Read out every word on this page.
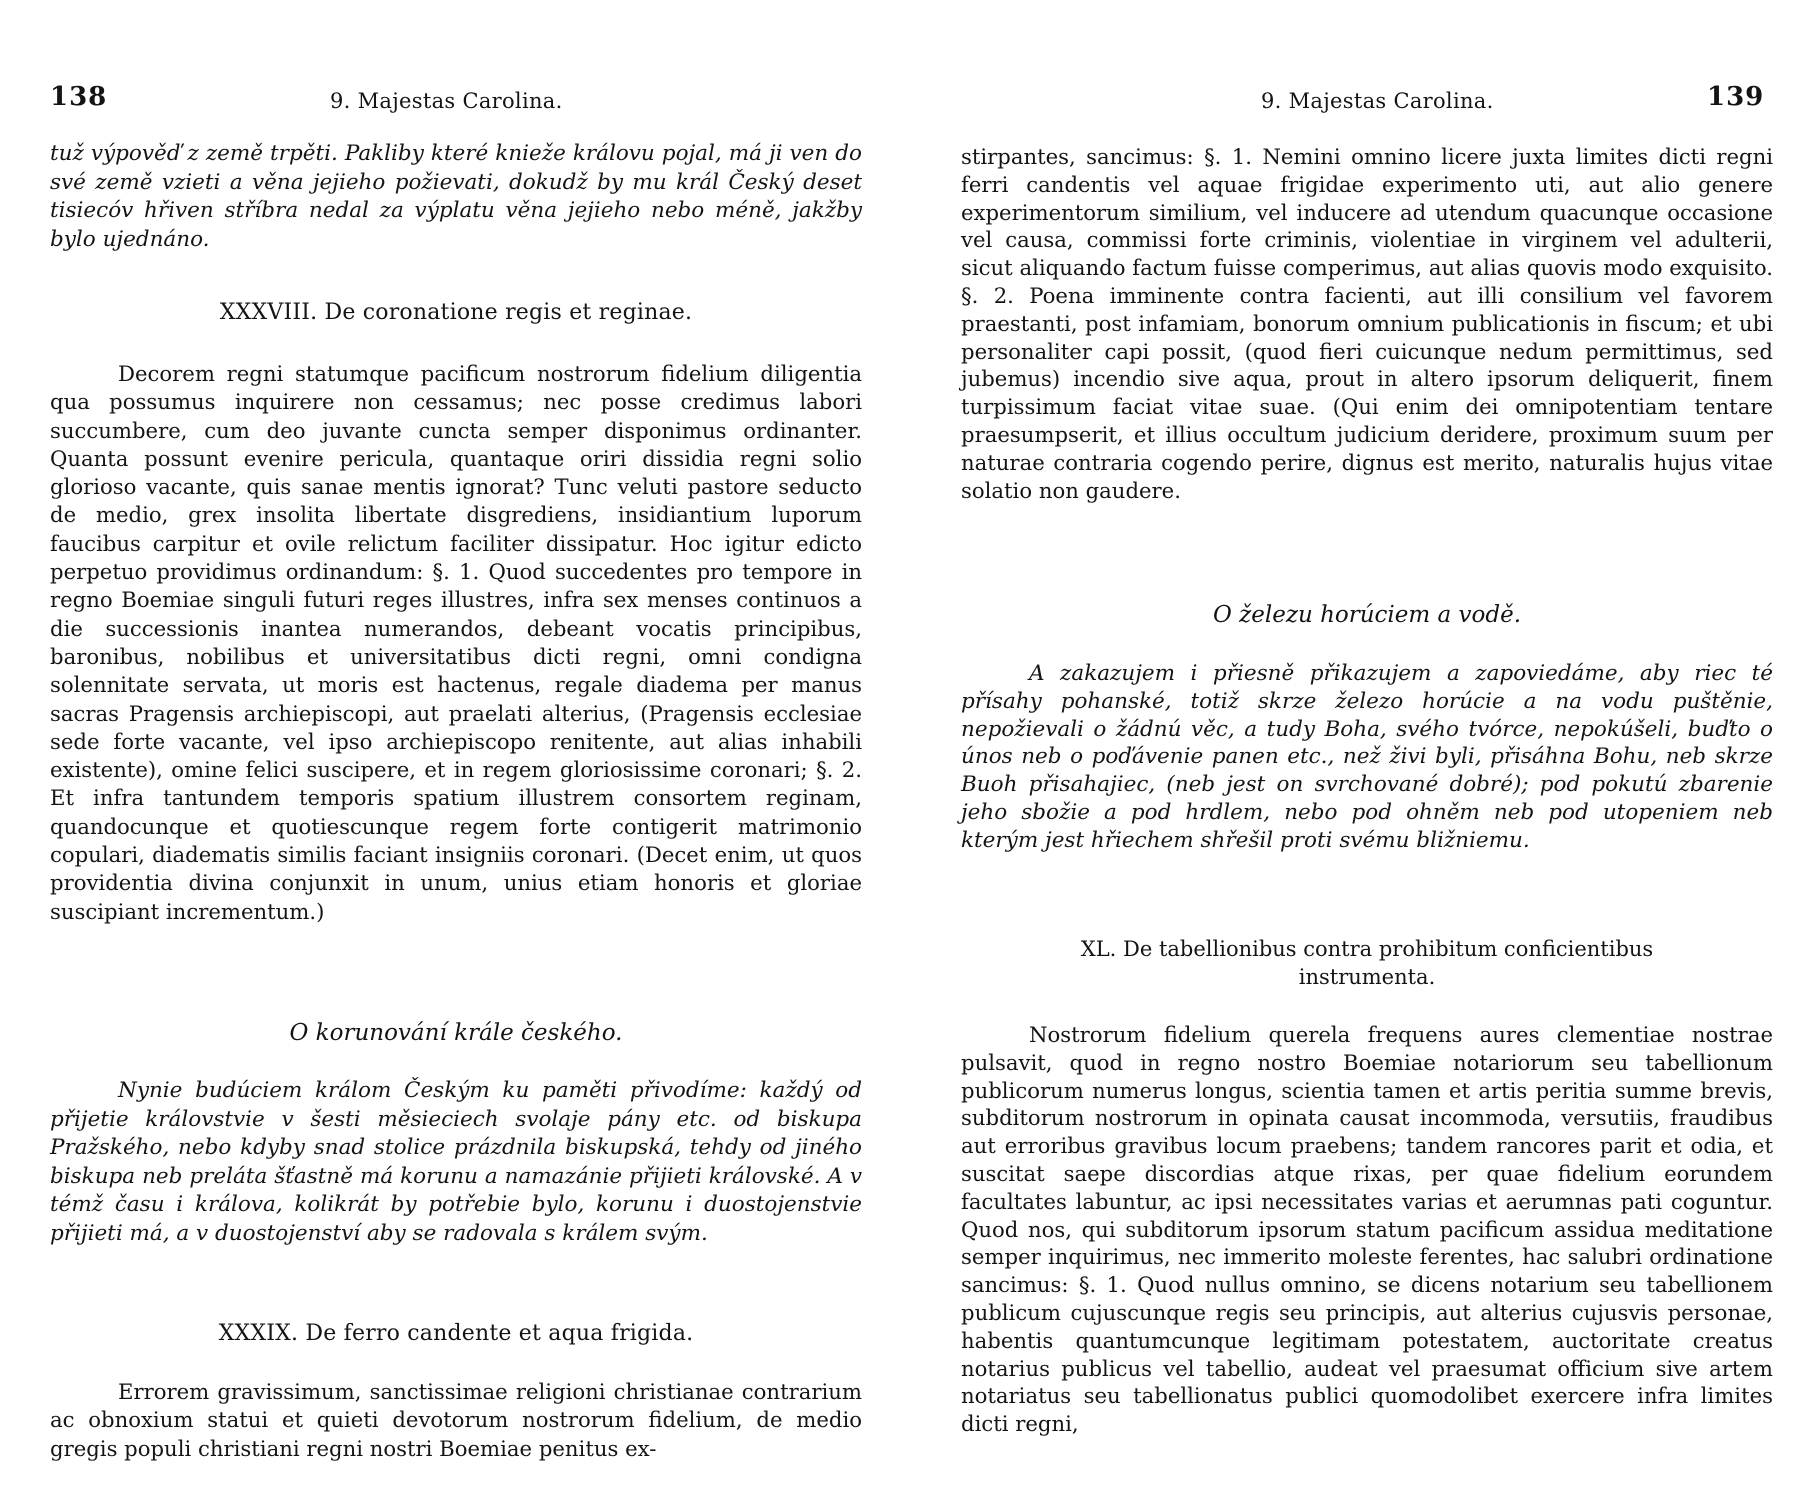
138	9. Majestas Carolina.

tuž výpověď z země trpěti. Pakliby které knieže královu pojal, má ji ven do své země vzieti a věna jejieho požievati, dokudž by mu král Český deset tisiecóv hřiven stříbra nedal za výplatu věna jejieho nebo méně, jakžby bylo ujednáno.

XXXVIII. De coronatione regis et reginae.

Decorem regni statumque pacificum nostrorum fidelium diligentia qua possumus inquirere non cessamus; nec posse credimus labori succumbere, cum deo juvante cuncta semper disponimus ordinanter. Quanta possunt evenire pericula, quantaque oriri dissidia regni solio glorioso vacante, quis sanae mentis ignorat? Tunc veluti pastore seducto de medio, grex insolita libertate disgrediens, insidiantium luporum faucibus carpitur et ovile relictum faciliter dissipatur. Hoc igitur edicto perpetuo providimus ordinandum: §. 1. Quod succedentes pro tempore in regno Boemiae singuli futuri reges illustres, infra sex menses continuos a die successionis inantea numerandos, debeant vocatis principibus, baronibus, nobilibus et universitatibus dicti regni, omni condigna solennitate servata, ut moris est hactenus, regale diadema per manus sacras Pragensis archiepiscopi, aut praelati alterius, (Pragensis ecclesiae sede forte vacante, vel ipso archiepiscopo renitente, aut alias inhabili existente), omine felici suscipere, et in regem gloriosissime coronari; §. 2. Et infra tantundem temporis spatium illustrem consortem reginam, quandocunque et quotiescunque regem forte contigerit matrimonio copulari, diadematis similis faciant insigniis coronari. (Decet enim, ut quos providentia divina conjunxit in unum, unius etiam honoris et gloriae suscipiant incrementum.)

O korunování krále českého.

Nynie budúciem králom Českým ku paměti přivodíme: každý od přijetie královstvie v šesti měsieciech svolaje pány etc. od biskupa Pražského, nebo kdyby snad stolice prázdnila biskupská, tehdy od jiného biskupa neb preláta šťastně má korunu a namazánie přijieti královské. A v témž času i králova, kolikrát by potřebie bylo, korunu i duostojenstvie přijieti má, a v duostojenství aby se radovala s králem svým.

XXXIX. De ferro candente et aqua frigida.

Errorem gravissimum, sanctissimae religioni christianae contrarium ac obnoxium statui et quieti devotorum nostrorum fidelium, de medio gregis populi christiani regni nostri Boemiae penitus ex-

9. Majestas Carolina.	139

stirpantes, sancimus: §. 1. Nemini omnino licere juxta limites dicti regni ferri candentis vel aquae frigidae experimento uti, aut alio genere experimentorum similium, vel inducere ad utendum quacunque occasione vel causa, commissi forte criminis, violentiae in virginem vel adulterii, sicut aliquando factum fuisse comperimus, aut alias quovis modo exquisito. §. 2. Poena imminente contra facienti, aut illi consilium vel favorem praestanti, post infamiam, bonorum omnium publicationis in fiscum; et ubi personaliter capi possit, (quod fieri cuicunque nedum permittimus, sed jubemus) incendio sive aqua, prout in altero ipsorum deliquerit, finem turpissimum faciat vitae suae. (Qui enim dei omnipotentiam tentare praesumpserit, et illius occultum judicium deridere, proximum suum per naturae contraria cogendo perire, dignus est merito, naturalis hujus vitae solatio non gaudere.

O železu horúciem a vodě.

A zakazujem i přiesně přikazujem a zapoviedáme, aby riec té přísahy pohanské, totiž skrze železo horúcie a na vodu puštěnie, nepožievali o žádnú věc, a tudy Boha, svého tvórce, nepokúšeli, buďto o únos neb o poďávenie panen etc., než živi byli, přisáhna Bohu, neb skrze Buoh přisahajiec, (neb jest on svrchované dobré); pod pokutú zbarenie jeho sbožie a pod hrdlem, nebo pod ohněm neb pod utopeniem neb kterým jest hřiechem shřešil proti svému bližniemu.

XL. De tabellionibus contra prohibitum conficientibus instrumenta.

Nostrorum fidelium querela frequens aures clementiae nostrae pulsavit, quod in regno nostro Boemiae notariorum seu tabellionum publicorum numerus longus, scientia tamen et artis peritia summe brevis, subditorum nostrorum in opinata causat incommoda, versutiis, fraudibus aut erroribus gravibus locum praebens; tandem rancores parit et odia, et suscitat saepe discordias atque rixas, per quae fidelium eorundem facultates labuntur, ac ipsi necessitates varias et aerumnas pati coguntur. Quod nos, qui subditorum ipsorum statum pacificum assidua meditatione semper inquirimus, nec immerito moleste ferentes, hac salubri ordinatione sancimus: §. 1. Quod nullus omnino, se dicens notarium seu tabellionem publicum cujuscunque regis seu principis, aut alterius cujusvis personae, habentis quantumcunque legitimam potestatem, auctoritate creatus notarius publicus vel tabellio, audeat vel praesumat officium sive artem notariatus seu tabellionatus publici quomodolibet exercere infra limites dicti regni,
